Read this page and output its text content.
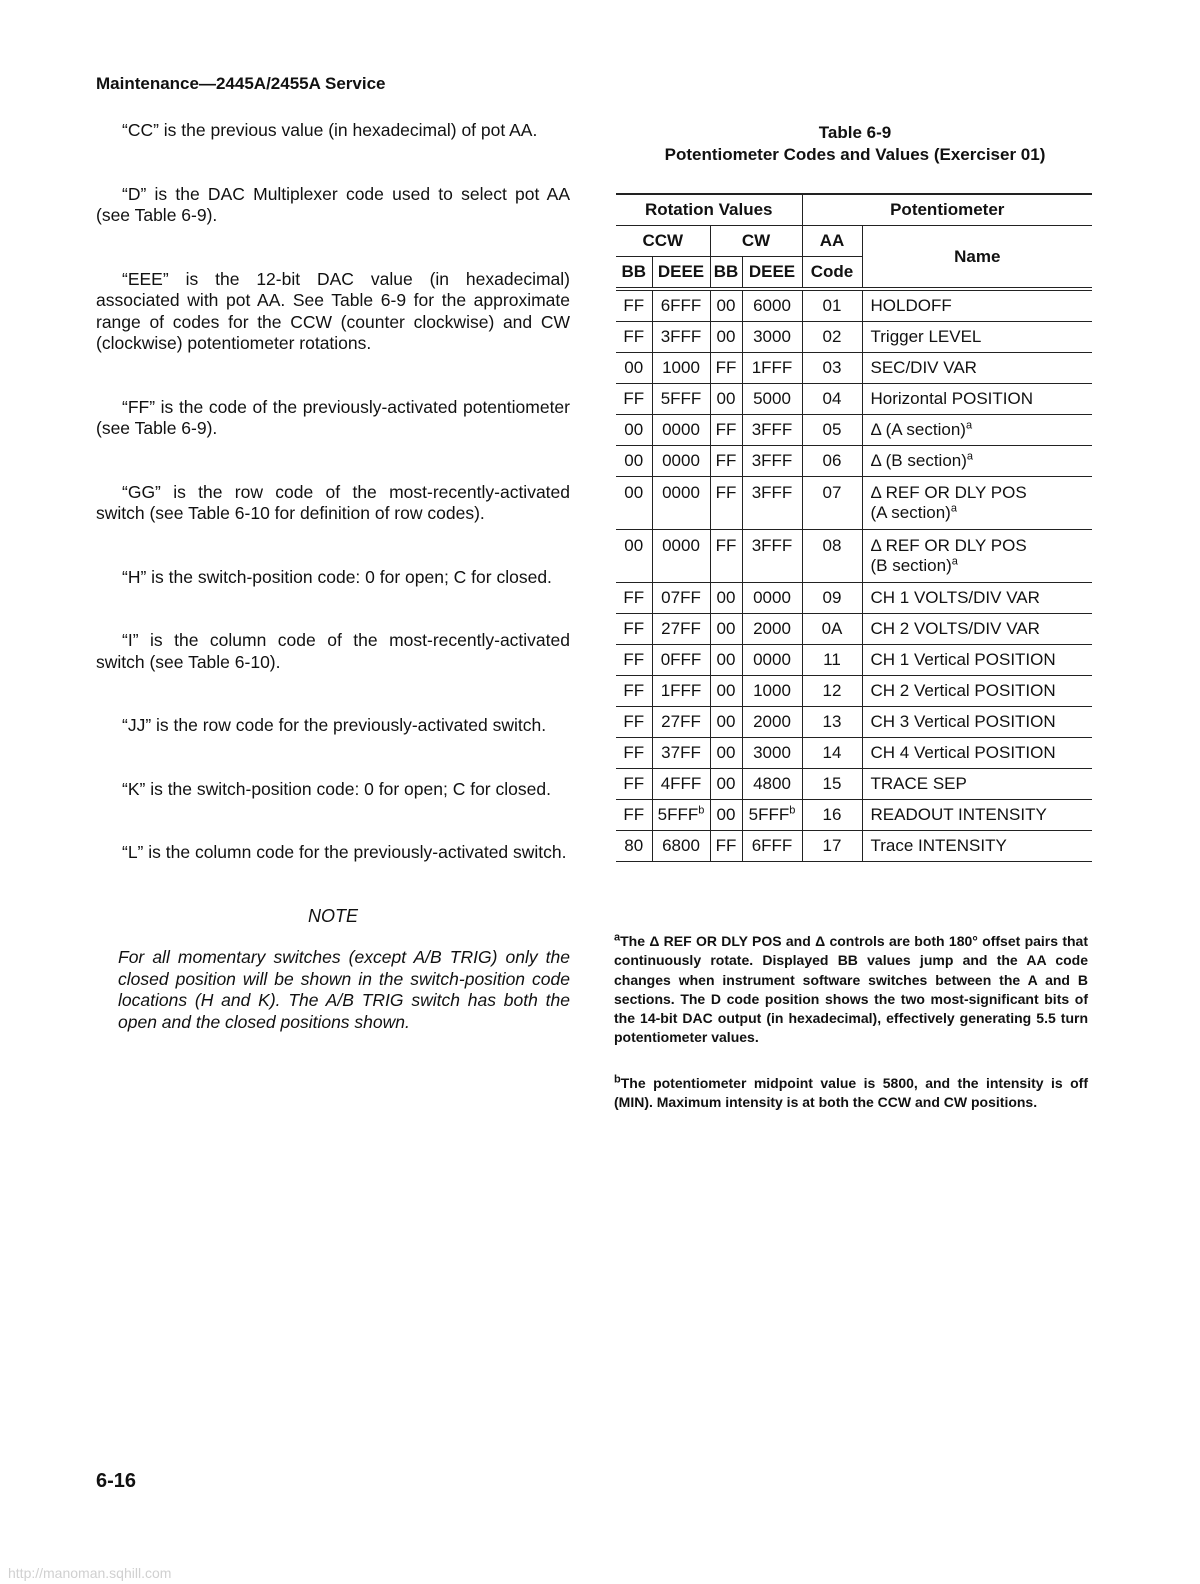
Maintenance—2445A/2455A Service

“CC” is the previous value (in hexadecimal) of pot AA.

“D” is the DAC Multiplexer code used to select pot AA (see Table 6-9).

“EEE” is the 12-bit DAC value (in hexadecimal) associated with pot AA. See Table 6-9 for the approximate range of codes for the CCW (counter clockwise) and CW (clockwise) potentiometer rotations.

“FF” is the code of the previously-activated potentiometer (see Table 6-9).

“GG” is the row code of the most-recently-activated switch (see Table 6-10 for definition of row codes).

“H” is the switch-position code: 0 for open; C for closed.

“I” is the column code of the most-recently-activated switch (see Table 6-10).

“JJ” is the row code for the previously-activated switch.

“K” is the switch-position code: 0 for open; C for closed.

“L” is the column code for the previously-activated switch.

NOTE

For all momentary switches (except A/B TRIG) only the closed position will be shown in the switch-position code locations (H and K). The A/B TRIG switch has both the open and the closed positions shown.

Table 6-9
Potentiometer Codes and Values (Exerciser 01)
Rotation Values				Potentiometer	
CCW		CW		AA	Name
BB	DEEE	BB	DEEE	Code	
FF	6FFF	00	6000	01	HOLDOFF
FF	3FFF	00	3000	02	Trigger LEVEL
00	1000	FF	1FFF	03	SEC/DIV VAR
FF	5FFF	00	5000	04	Horizontal POSITION
00	0000	FF	3FFF	05	Δ (A section)$^a$
00	0000	FF	3FFF	06	Δ (B section)$^a$
00	0000	FF	3FFF	07	Δ REF OR DLY POS
(A section)$^a$
00	0000	FF	3FFF	08	Δ REF OR DLY POS
(B section)$^a$
FF	07FF	00	0000	09	CH 1 VOLTS/DIV VAR
FF	27FF	00	2000	0A	CH 2 VOLTS/DIV VAR
FF	0FFF	00	0000	11	CH 1 Vertical POSITION
FF	1FFF	00	1000	12	CH 2 Vertical POSITION
FF	27FF	00	2000	13	CH 3 Vertical POSITION
FF	37FF	00	3000	14	CH 4 Vertical POSITION
FF	4FFF	00	4800	15	TRACE SEP
FF	5FFF$^b$	00	5FFF$^b$	16	READOUT INTENSITY
80	6800	FF	6FFF	17	Trace INTENSITY

$^a$The Δ REF OR DLY POS and Δ controls are both 180° offset pairs that continuously rotate. Displayed BB values jump and the AA code changes when instrument software switches between the A and B sections. The D code position shows the two most-significant bits of the 14-bit DAC output (in hexadecimal), effectively generating 5.5 turn potentiometer values.

$^b$The potentiometer midpoint value is 5800, and the intensity is off (MIN). Maximum intensity is at both the CCW and CW positions.

6-16
http://manoman.sqhill.com
